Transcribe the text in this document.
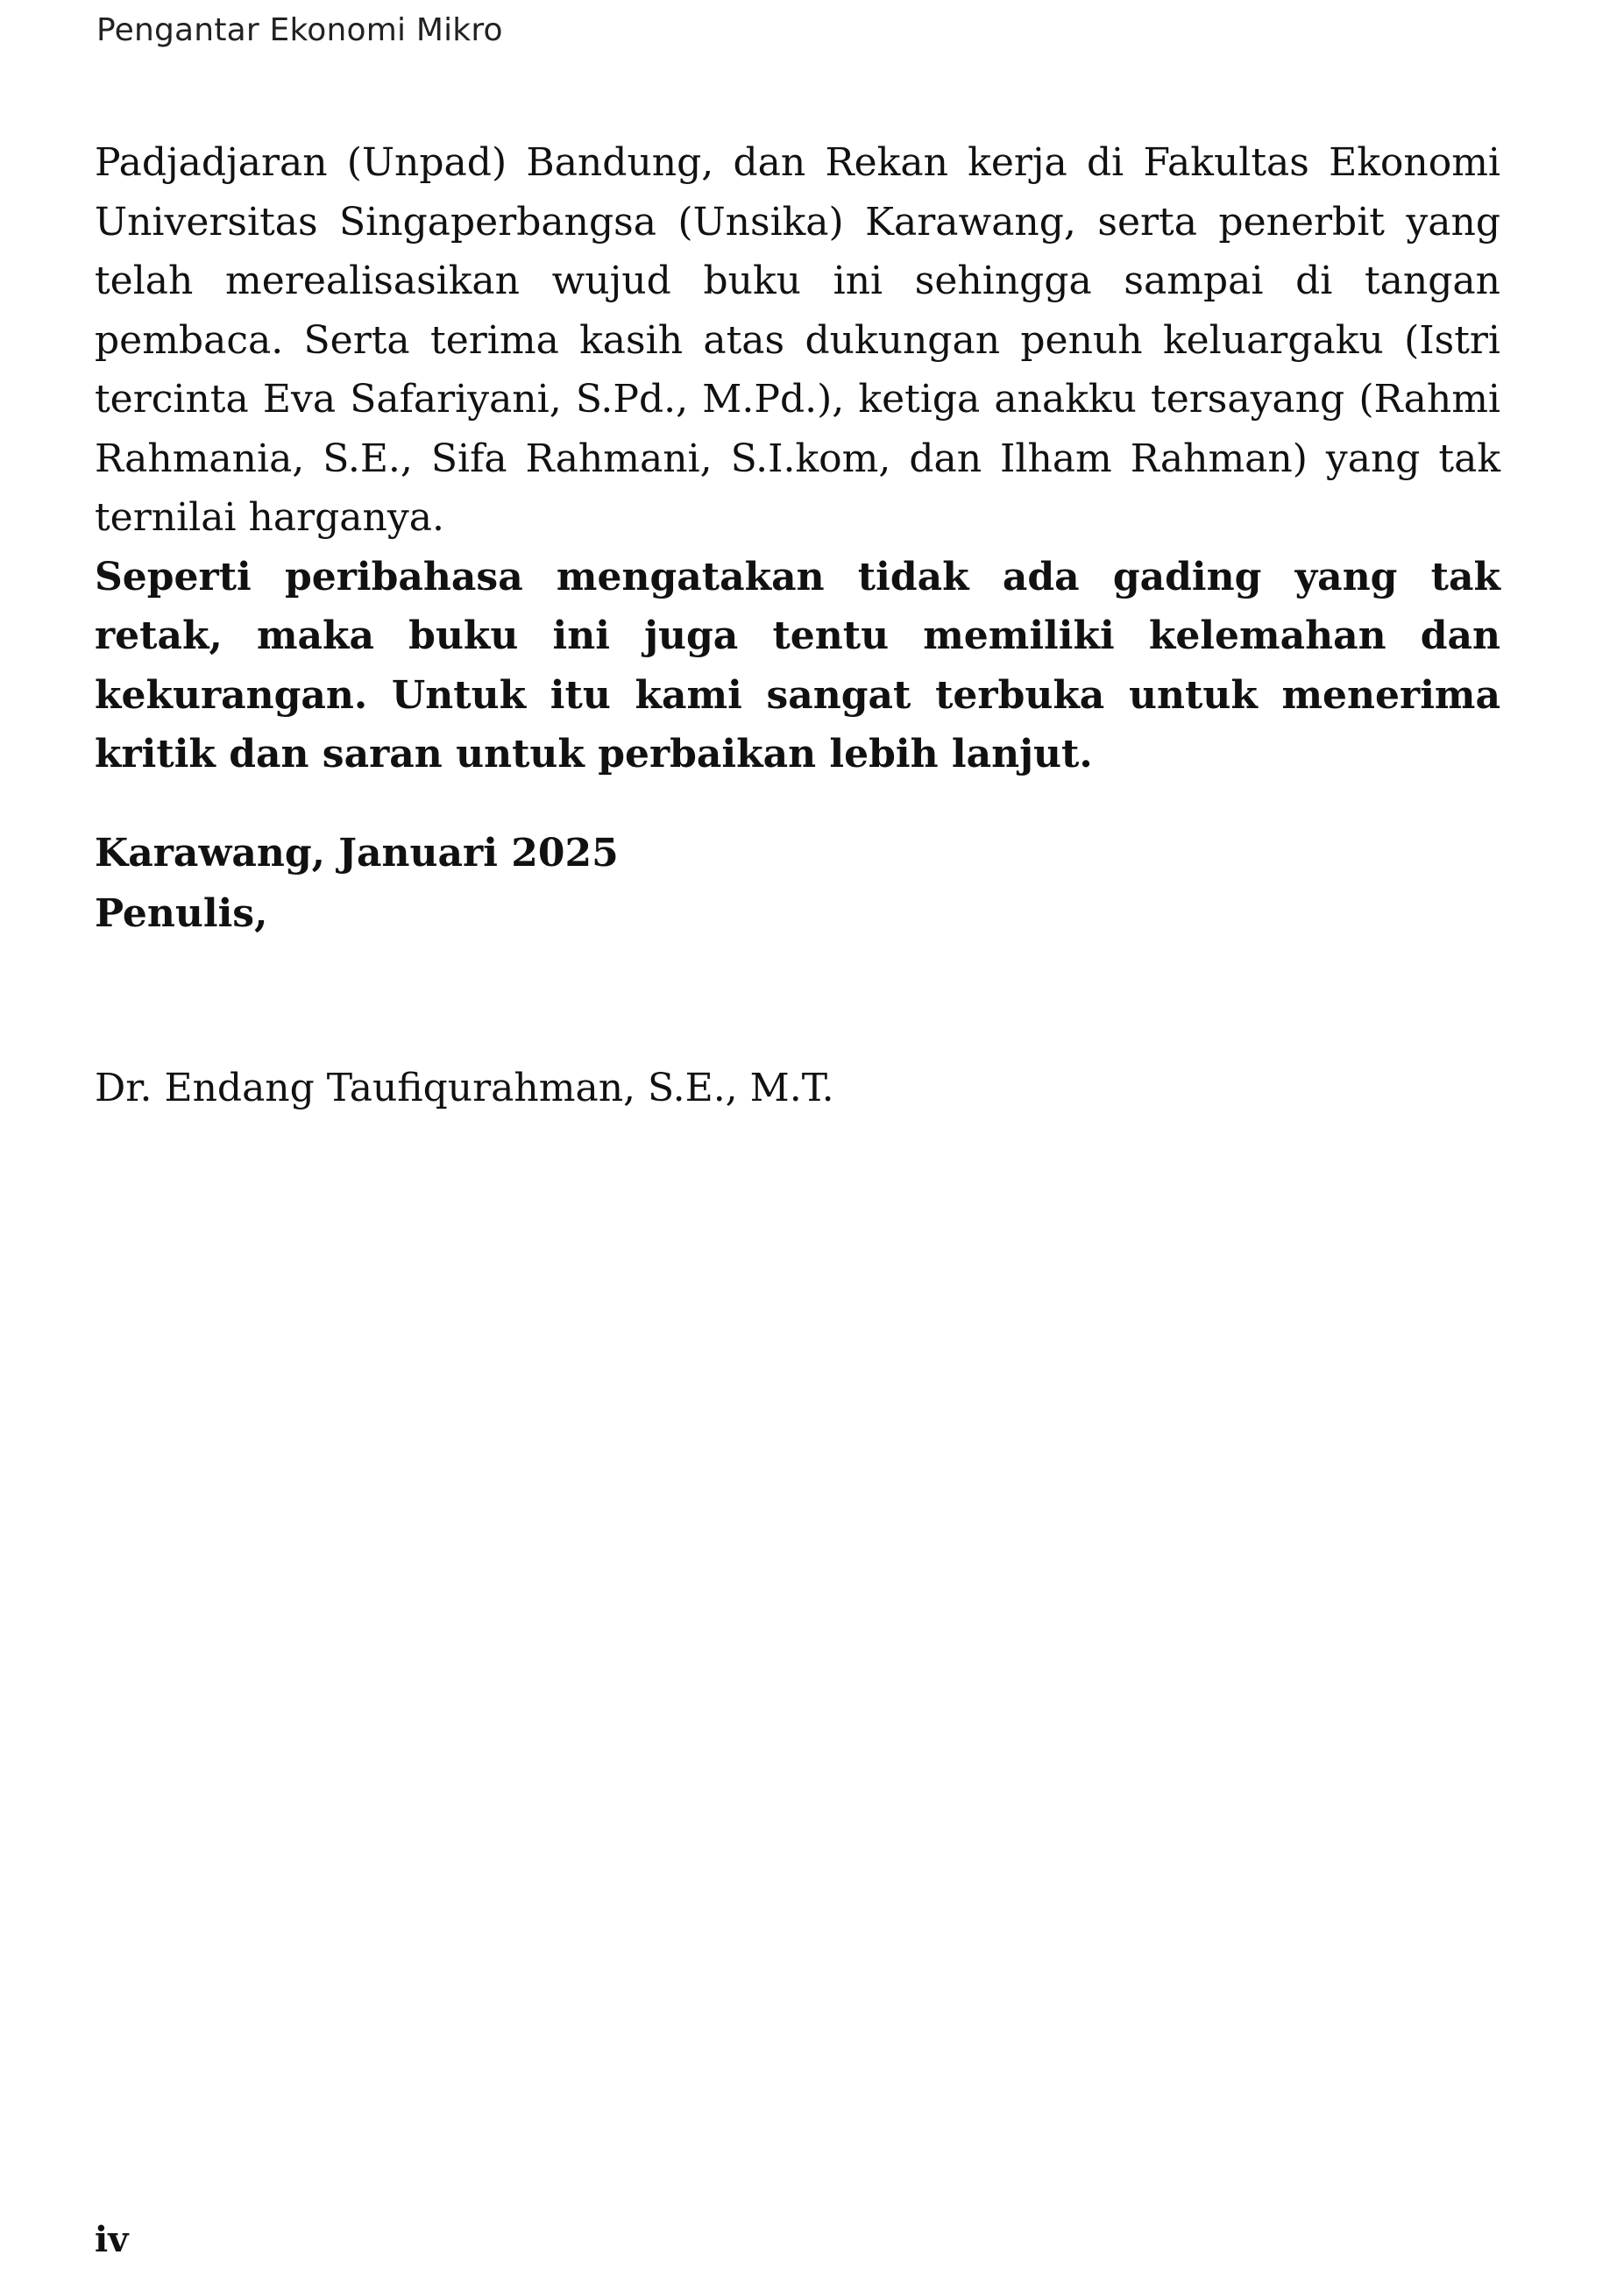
Pengantar Ekonomi Mikro

Padjadjaran (Unpad) Bandung, dan Rekan kerja di Fakultas Ekonomi Universitas Singaperbangsa (Unsika) Karawang, serta penerbit yang telah merealisasikan wujud buku ini sehingga sampai di tangan pembaca. Serta terima kasih atas dukungan penuh keluargaku (Istri tercinta Eva Safariyani, S.Pd., M.Pd.), ketiga anakku tersayang (Rahmi Rahmania, S.E., Sifa Rahmani, S.I.kom, dan Ilham Rahman) yang tak ternilai harganya.

Seperti peribahasa mengatakan tidak ada gading yang tak retak, maka buku ini juga tentu memiliki kelemahan dan kekurangan. Untuk itu kami sangat terbuka untuk menerima kritik dan saran untuk perbaikan lebih lanjut.

Karawang, Januari 2025
Penulis,
Dr. Endang Taufiqurahman, S.E., M.T.
iv
